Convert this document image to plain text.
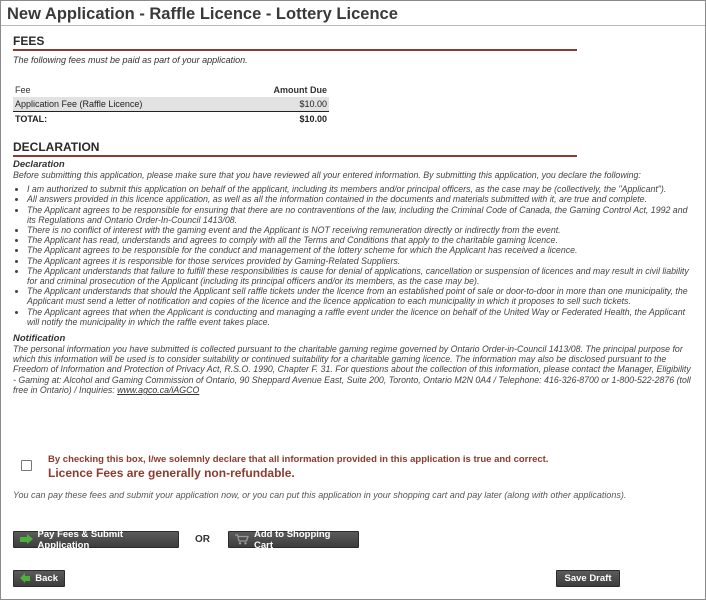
New Application - Raffle Licence - Lottery Licence
FEES
The following fees must be paid as part of your application.
Fee	Amount Due
Application Fee (Raffle Licence)	$10.00
TOTAL:	$10.00
DECLARATION
Declaration
Before submitting this application, please make sure that you have reviewed all your entered information. By submitting this application, you declare the following:
• I am authorized to submit this application on behalf of the applicant, including its members and/or principal officers, as the case may be (collectively, the "Applicant").
• All answers provided in this licence application, as well as all the information contained in the documents and materials submitted with it, are true and complete.
• The Applicant agrees to be responsible for ensuring that there are no contraventions of the law, including the Criminal Code of Canada, the Gaming Control Act, 1992 and its Regulations and Ontario Order-In-Council 1413/08.
• There is no conflict of interest with the gaming event and the Applicant is NOT receiving remuneration directly or indirectly from the event.
• The Applicant has read, understands and agrees to comply with all the Terms and Conditions that apply to the charitable gaming licence.
• The Applicant agrees to be responsible for the conduct and management of the lottery scheme for which the Applicant has received a licence.
• The Applicant agrees it is responsible for those services provided by Gaming-Related Suppliers.
• The Applicant understands that failure to fulfill these responsibilities is cause for denial of applications, cancellation or suspension of licences and may result in civil liability for and criminal prosecution of the Applicant (including its principal officers and/or its members, as the case may be).
• The Applicant understands that should the Applicant sell raffle tickets under the licence from an established point of sale or door-to-door in more than one municipality, the Applicant must send a letter of notification and copies of the licence and the licence application to each municipality in which it proposes to sell such tickets.
• The Applicant agrees that when the Applicant is conducting and managing a raffle event under the licence on behalf of the United Way or Federated Health, the Applicant will notify the municipality in which the raffle event takes place.
Notification
The personal information you have submitted is collected pursuant to the charitable gaming regime governed by Ontario Order-in-Council 1413/08. The principal purpose for which this information will be used is to consider suitability or continued suitability for a charitable gaming licence. The information may also be disclosed pursuant to the Freedom of Information and Protection of Privacy Act, R.S.O. 1990, Chapter F. 31. For questions about the collection of this information, please contact the Manager, Eligibility - Gaming at: Alcohol and Gaming Commission of Ontario, 90 Sheppard Avenue East, Suite 200, Toronto, Ontario M2N 0A4 / Telephone: 416-326-8700 or 1-800-522-2876 (toll free in Ontario) / Inquiries: www.agco.ca/iAGCO
By checking this box, I/we solemnly declare that all information provided in this application is true and correct.
Licence Fees are generally non-refundable.
You can pay these fees and submit your application now, or you can put this application in your shopping cart and pay later (along with other applications).
Pay Fees & Submit Application	OR	Add to Shopping Cart
Back	Save Draft
